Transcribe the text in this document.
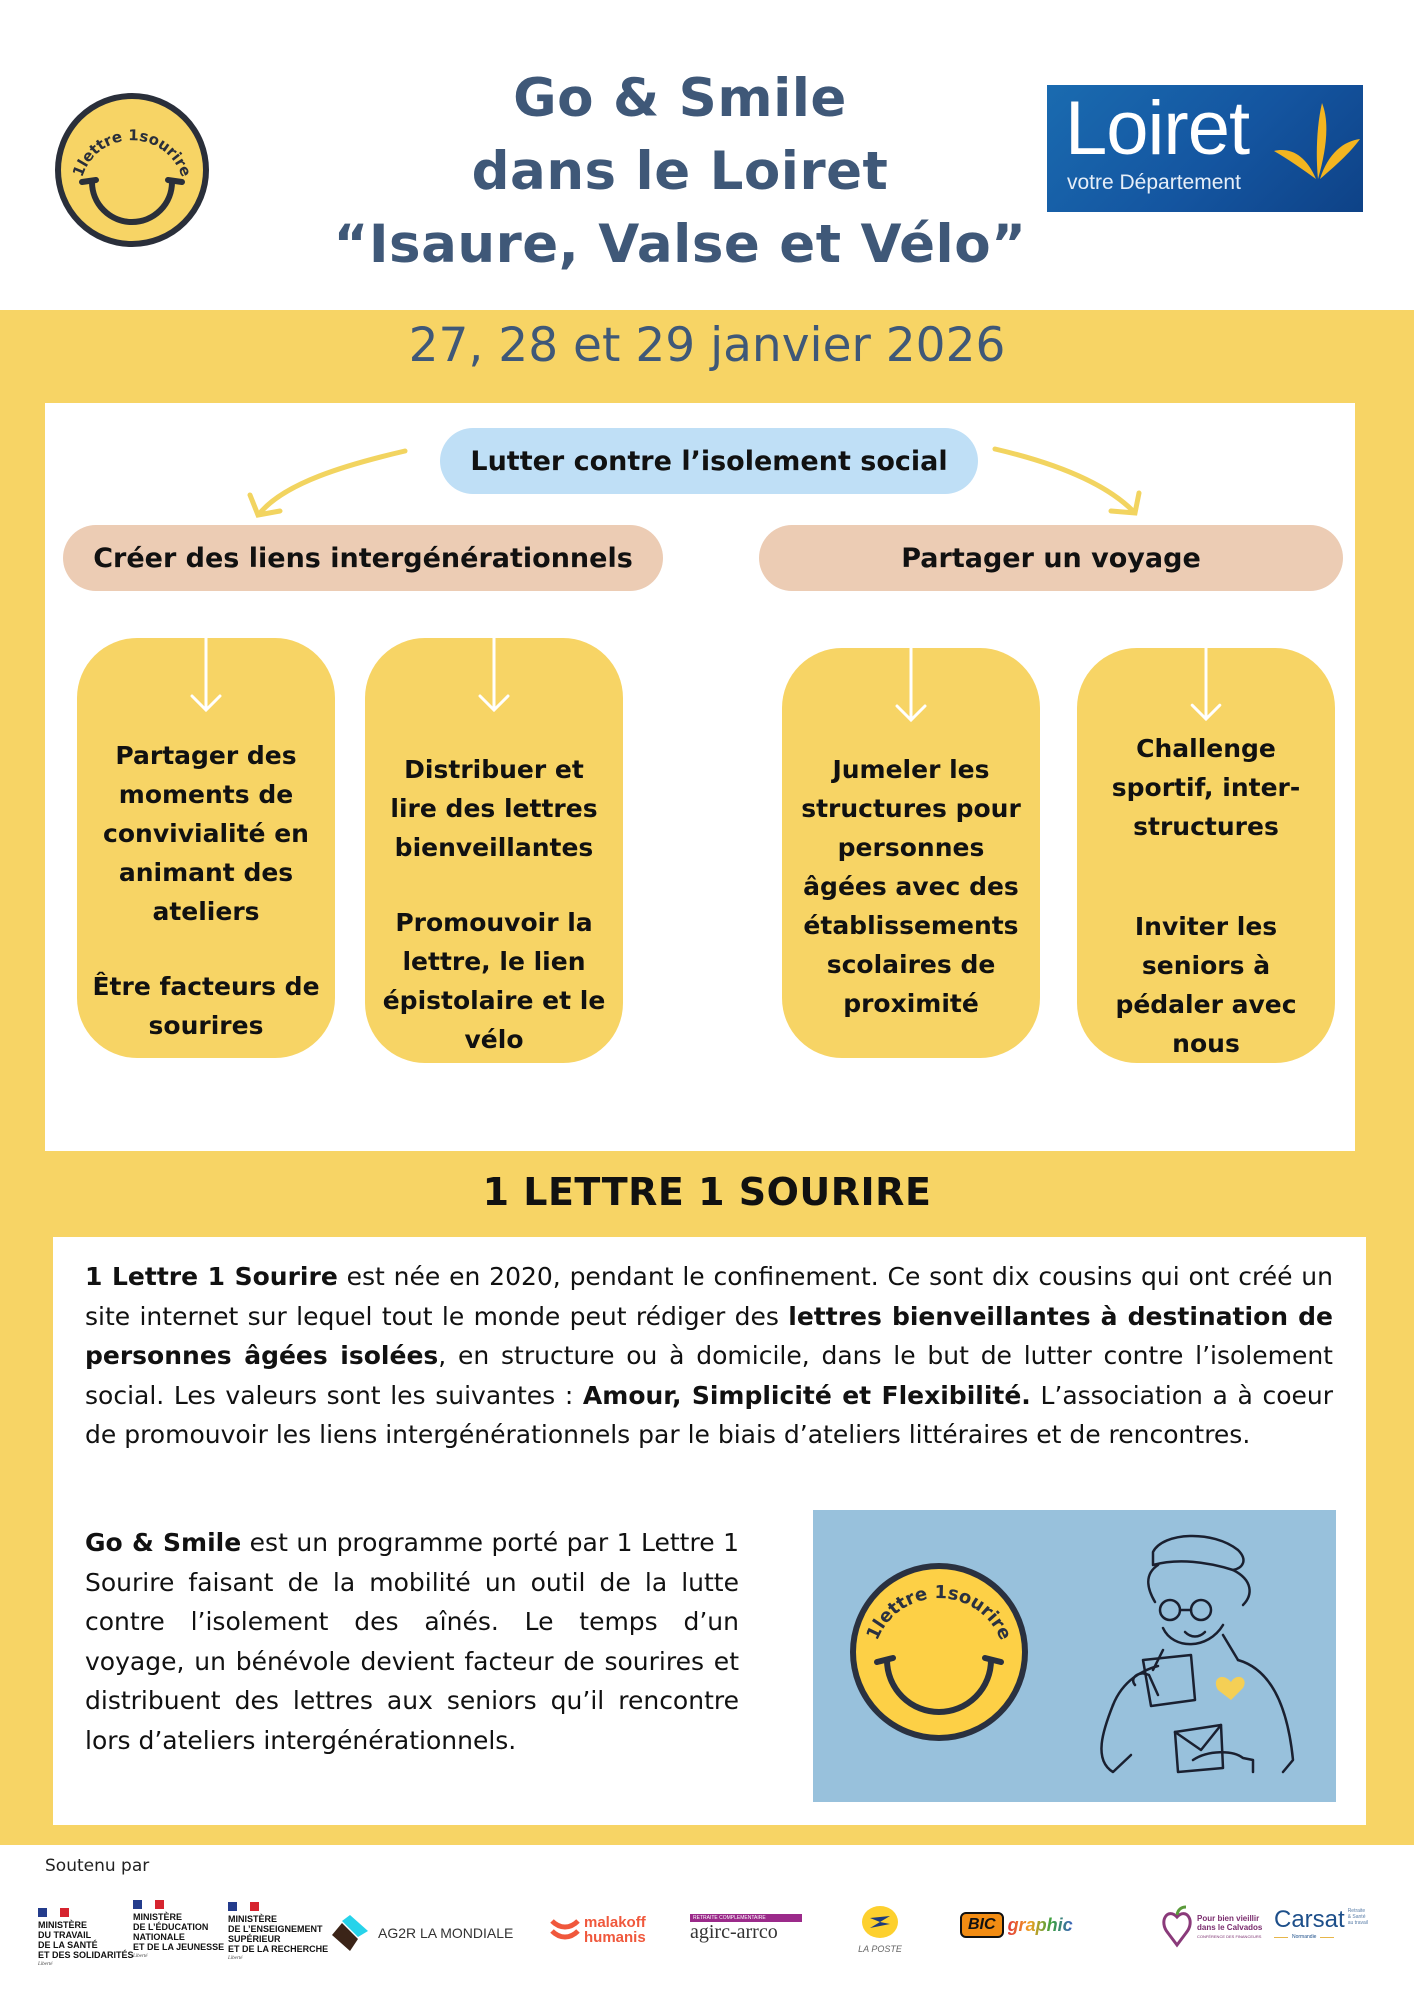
1lettre 1sourire
Go & Smile
dans le Loiret
“Isaure, Valse et Vélo”
Loiret
votre Département
27, 28 et 29 janvier 2026
Lutter contre l’isolement social
Créer des liens intergénérationnels	Partager un voyage
Partager des moments de convivialité en animant des ateliers
Être facteurs de sourires
Distribuer et lire des lettres bienveillantes
Promouvoir la lettre, le lien épistolaire et le vélo
Jumeler les structures pour personnes âgées avec des établissements scolaires de proximité
Challenge sportif, inter-structures
Inviter les seniors à pédaler avec nous
1 LETTRE 1 SOURIRE

1 Lettre 1 Sourire est née en 2020, pendant le confinement. Ce sont dix cousins qui ont créé un site internet sur lequel tout le monde peut rédiger des lettres bienveillantes à destination de personnes âgées isolées, en structure ou à domicile, dans le but de lutter contre l’isolement social. Les valeurs sont les suivantes : Amour, Simplicité et Flexibilité. L’association a à coeur de promouvoir les liens intergénérationnels par le biais d’ateliers littéraires et de rencontres.

Go & Smile est un programme porté par 1 Lettre 1 Sourire faisant de la mobilité un outil de la lutte contre l’isolement des aînés. Le temps d’un voyage, un bénévole devient facteur de sourires et distribuent des lettres aux seniors qu’il rencontre lors d’ateliers intergénérationnels.

1lettre 1sourire
Soutenu par
MINISTÈRE
DU TRAVAIL
DE LA SANTÉ
ET DES SOLIDARITÉS
Liberté
MINISTÈRE
DE L’ÉDUCATION
NATIONALE
ET DE LA JEUNESSE
Liberté
MINISTÈRE
DE L’ENSEIGNEMENT
SUPÉRIEUR
ET DE LA RECHERCHE
Liberté
AG2R LA MONDIALE
malakoff
humanis
RETRAITE COMPLEMENTAIRE
agirc-arrco
LA POSTE
BIC graphic	Pour bien vieillir
dans le Calvados
CONFÉRENCE DES FINANCEURS
Carsat Retraite
& Santé
au travail
Normandie
